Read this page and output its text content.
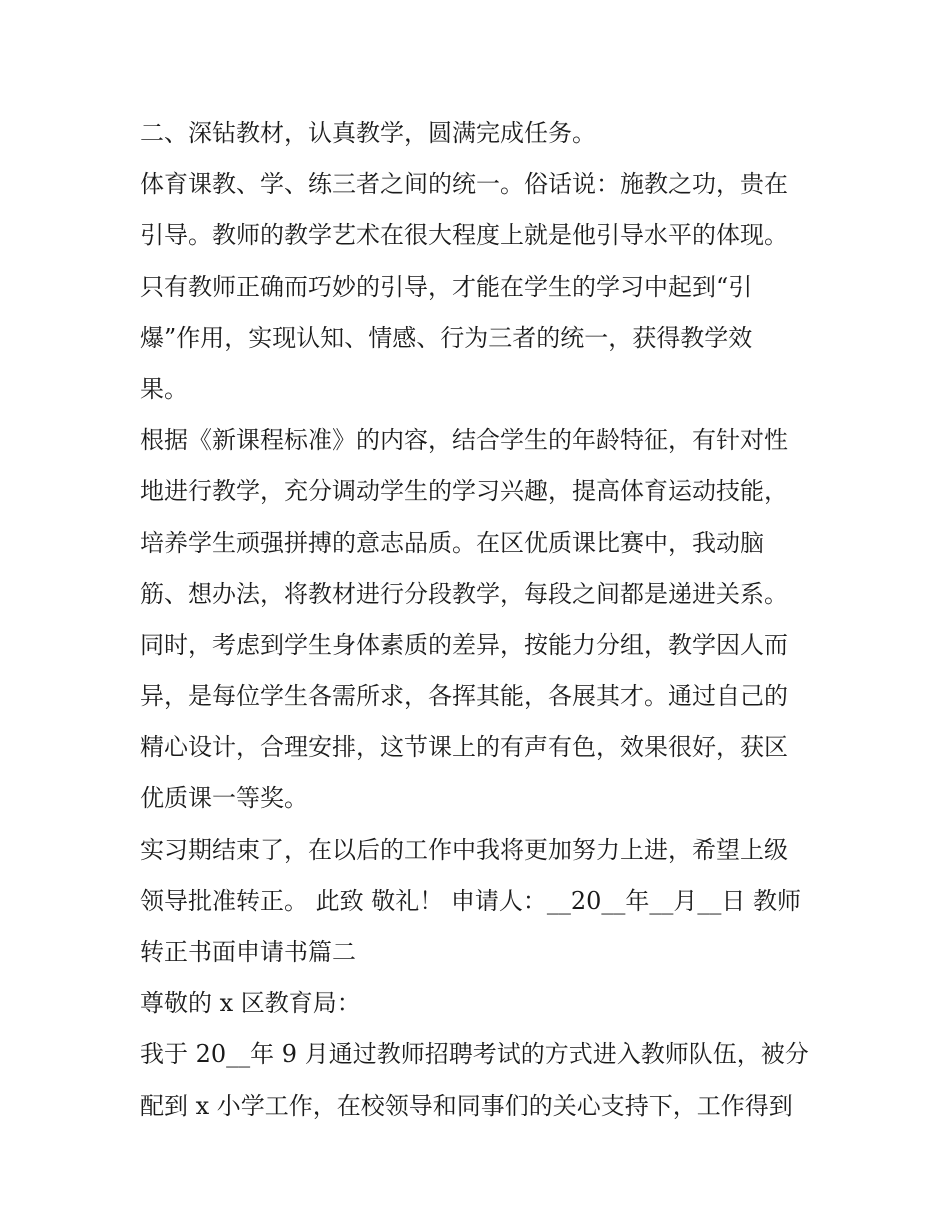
二、深钻教材，认真教学，圆满完成任务。
体育课教、学、练三者之间的统一。俗话说：施教之功，贵在
引导。教师的教学艺术在很大程度上就是他引导水平的体现。
只有教师正确而巧妙的引导，才能在学生的学习中起到“引
爆”作用，实现认知、情感、行为三者的统一，获得教学效
果。
根据《新课程标准》的内容，结合学生的年龄特征，有针对性
地进行教学，充分调动学生的学习兴趣，提高体育运动技能，
培养学生顽强拼搏的意志品质。在区优质课比赛中，我动脑
筋、想办法，将教材进行分段教学，每段之间都是递进关系。
同时，考虑到学生身体素质的差异，按能力分组，教学因人而
异，是每位学生各需所求，各挥其能，各展其才。通过自己的
精心设计，合理安排，这节课上的有声有色，效果很好，获区
优质课一等奖。
实习期结束了，在以后的工作中我将更加努力上进，希望上级
领导批准转正。 此致 敬礼！ 申请人：__20__年__月__日 教师
转正书面申请书篇二
尊敬的 x 区教育局：
我于 20__年 9 月通过教师招聘考试的方式进入教师队伍，被分
配到 x 小学工作，在校领导和同事们的关心支持下，工作得到
